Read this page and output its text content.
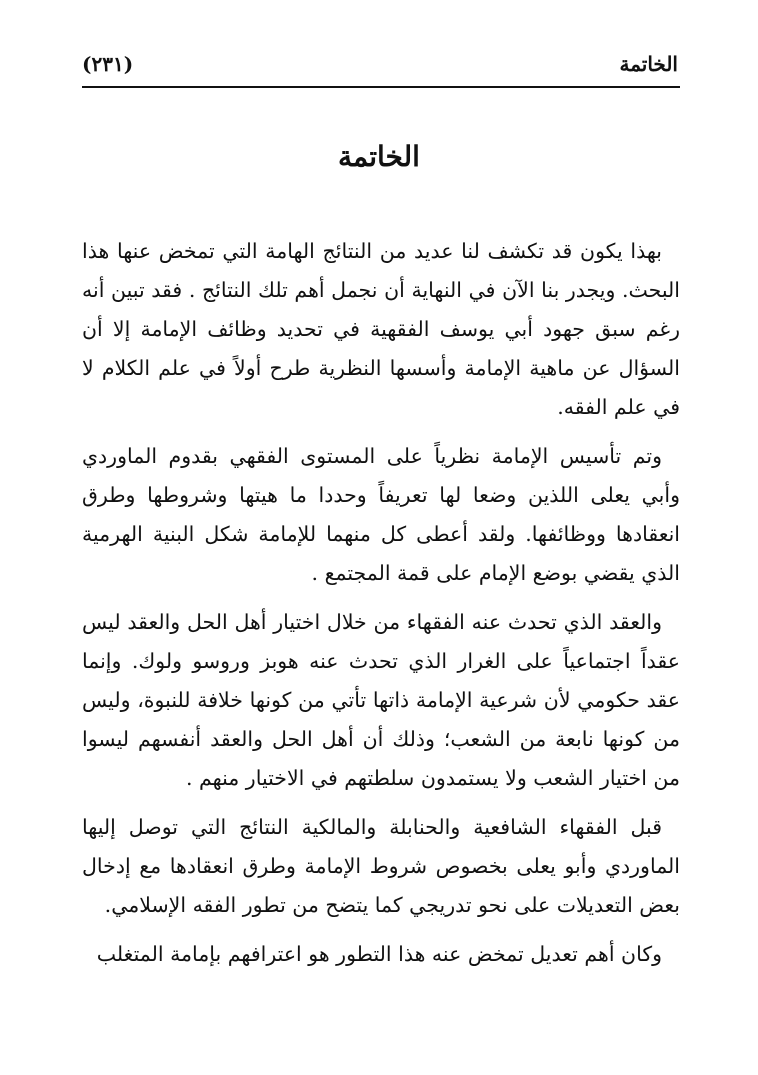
الخاتمة
(٢٣١)
الخاتمة

بهذا يكون قد تكشف لنا عديد من النتائج الهامة التي تمخض عنها هذا البحث. ويجدر بنا الآن في النهاية أن نجمل أهم تلك النتائج . فقد تبين أنه رغم سبق جهود أبي يوسف الفقهية في تحديد وظائف الإمامة إلا أن السؤال عن ماهية الإمامة وأسسها النظرية طرح أولاً في علم الكلام لا في علم الفقه.

وتم تأسيس الإمامة نظرياً على المستوى الفقهي بقدوم الماوردي وأبي يعلى اللذين وضعا لها تعريفاً وحددا ما هيتها وشروطها وطرق انعقادها ووظائفها. ولقد أعطى كل منهما للإمامة شكل البنية الهرمية الذي يقضي بوضع الإمام على قمة المجتمع .

والعقد الذي تحدث عنه الفقهاء من خلال اختيار أهل الحل والعقد ليس عقداً اجتماعياً على الغرار الذي تحدث عنه هوبز وروسو ولوك. وإنما عقد حكومي لأن شرعية الإمامة ذاتها تأتي من كونها خلافة للنبوة، وليس من كونها نابعة من الشعب؛ وذلك أن أهل الحل والعقد أنفسهم ليسوا من اختيار الشعب ولا يستمدون سلطتهم في الاختيار منهم .

قبل الفقهاء الشافعية والحنابلة والمالكية النتائج التي توصل إليها الماوردي وأبو يعلى بخصوص شروط الإمامة وطرق انعقادها مع إدخال بعض التعديلات على نحو تدريجي كما يتضح من تطور الفقه الإسلامي.

وكان أهم تعديل تمخض عنه هذا التطور هو اعترافهم بإمامة المتغلب
